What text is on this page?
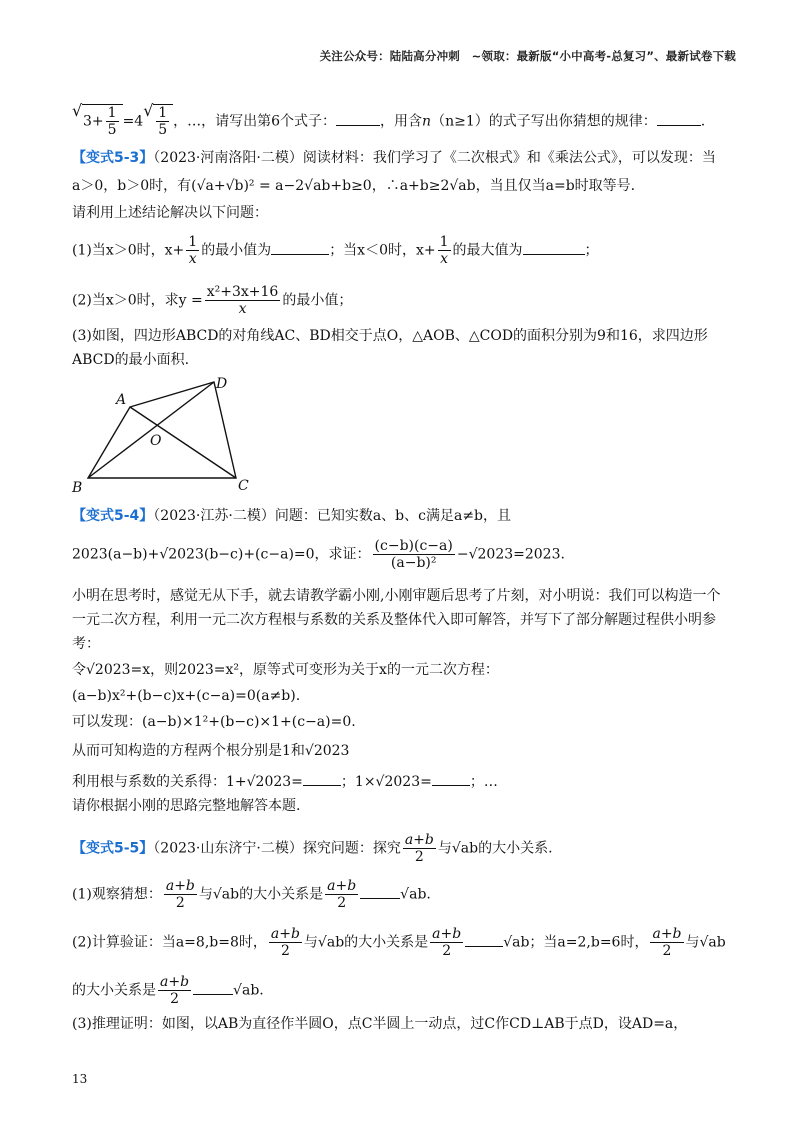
关注公众号：陆陆高分冲刺　~领取：最新版“小中高考-总复习”、最新试卷下载
√ $3+ \frac{1}{5} =4$
√ $\frac{1}{5}$ ，…，请写出第6个式子：	，用含n（n≥1）的式子写出你猜想的规律：	.
【变式5-3】（2023·河南洛阳·二模）阅读材料：我们学习了《二次根式》和《乘法公式》，可以发现：当
a＞0，b＞0时，有(√a+√b)² = a−2√ab+b≥0，∴a+b≥2√ab，当且仅当a=b时取等号.
请利用上述结论解决以下问题：
(1)当x＞0时，$x+ \frac{1}{x}$ 的最小值为	；当x＜0时，$x+ \frac{1}{x}$ 的最大值为	；
(2)当x＞0时，求$y = \frac{\text{x²+3x+16}}{x}$ 的最小值；
(3)如图，四边形ABCD的对角线AC、BD相交于点O，△AOB、△COD的面积分别为9和16，求四边形
ABCD的最小面积.
A
D
O
B	C
【变式5-4】（2023·江苏·二模）问题：已知实数a、b、c满足a≠b，且
2023(a−b)+√2023(b−c)+(c−a)=0，求证： $\frac{(c-b)(c-a)}{\text{(a−b)²}} -√2023=2023$.
小明在思考时，感觉无从下手，就去请教学霸小刚,小刚审题后思考了片刻，对小明说：我们可以构造一个
一元二次方程，利用一元二次方程根与系数的关系及整体代入即可解答，并写下了部分解题过程供小明参
考：
令√2023=x，则2023=x²，原等式可变形为关于x的一元二次方程：
(a−b)x²+(b−c)x+(c−a)=0(a≠b).
可以发现：(a−b)×1²+(b−c)×1+(c−a)=0.
从而可知构造的方程两个根分别是1和√2023
利用根与系数的关系得：1+√2023=	；1×√2023=	；…
请你根据小刚的思路完整地解答本题.
【变式5-5】（2023·山东济宁·二模）探究问题：探究 $\frac{a+b}{2}$ 与√ab的大小关系.
(1)观察猜想： $\frac{a+b}{2}$ 与√ab的大小关系是 $\frac{a+b}{2}$	√ab.
(2)计算验证：当a=8,b=8时， $\frac{a+b}{2}$ 与√ab的大小关系是 $\frac{a+b}{2}$	√ab；当a=2,b=6时， $\frac{a+b}{2}$ 与√ab
的大小关系是 $\frac{a+b}{2}$	√ab.
(3)推理证明：如图，以AB为直径作半圆O，点C半圆上一动点，过C作CD⊥AB于点D，设AD=a，
13
